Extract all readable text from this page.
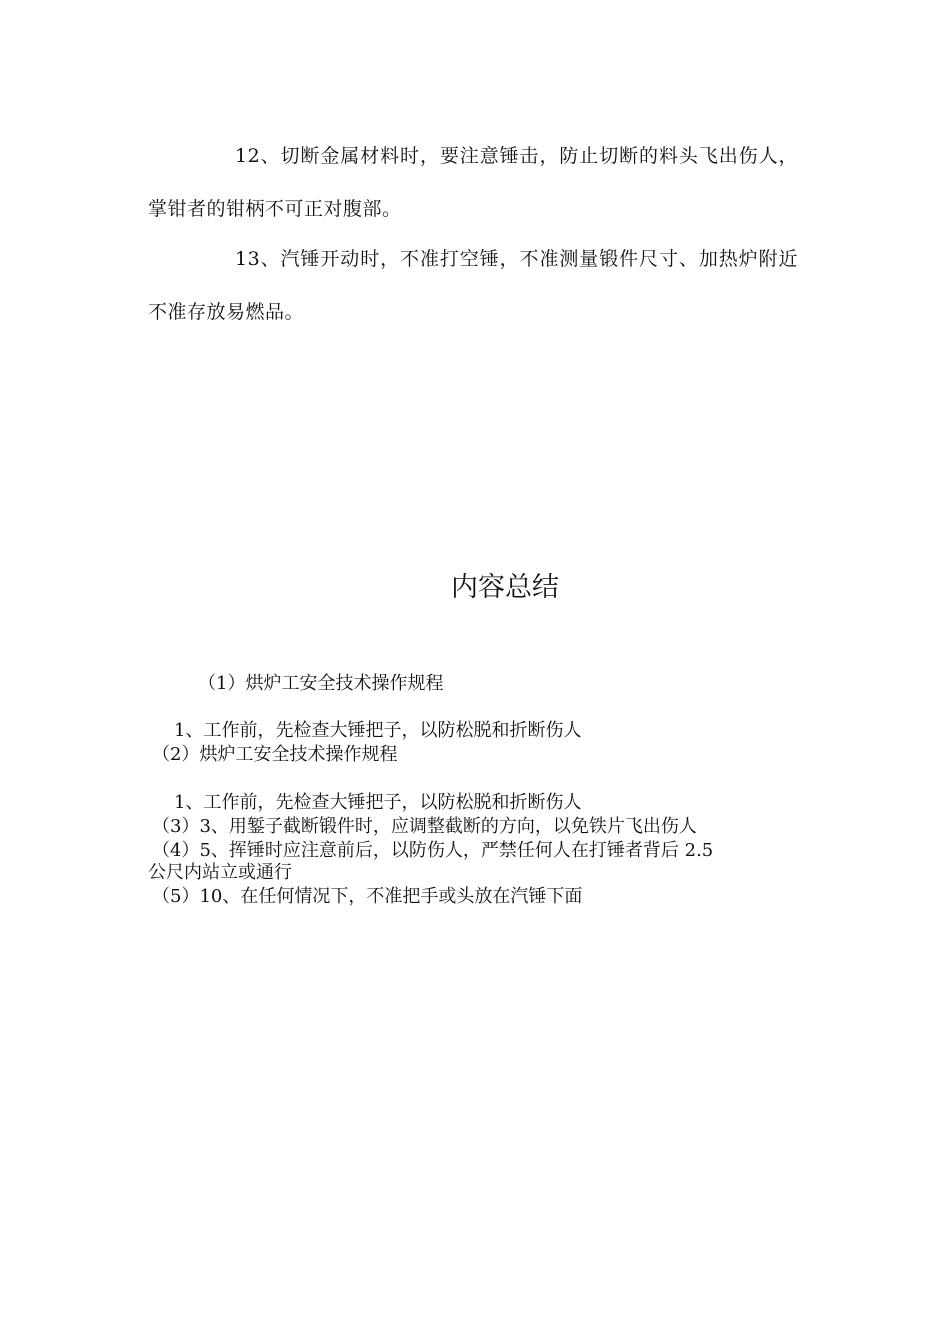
12、切断金属材料时，要注意锤击，防止切断的料头飞出伤人，掌钳者的钳柄不可正对腹部。

13、汽锤开动时，不准打空锤，不准测量锻件尺寸、加热炉附近不准存放易燃品。

内容总结
（1）烘炉工安全技术操作规程
1、工作前，先检查大锤把子，以防松脱和折断伤人
（2）烘炉工安全技术操作规程
1、工作前，先检查大锤把子，以防松脱和折断伤人
（3）3、用錾子截断锻件时，应调整截断的方向，以免铁片飞出伤人
（4）5、挥锤时应注意前后，以防伤人，严禁任何人在打锤者背后 2.5
公尺内站立或通行
（5）10、在任何情况下，不准把手或头放在汽锤下面
